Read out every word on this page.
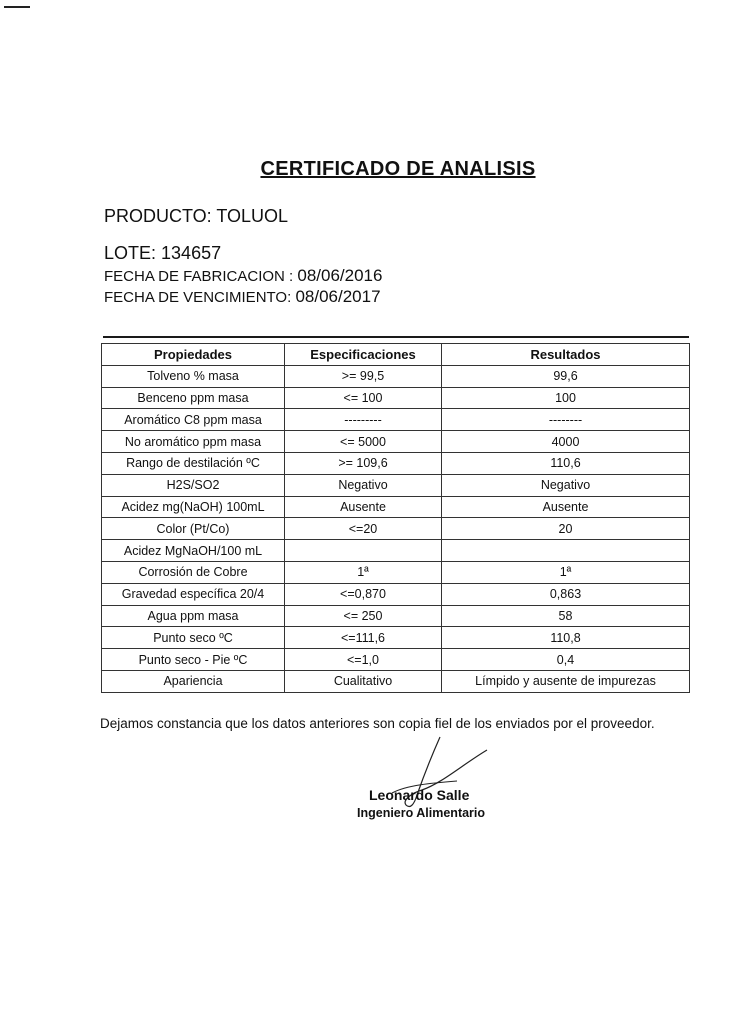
CERTIFICADO DE ANALISIS
PRODUCTO: TOLUOL
LOTE: 134657
FECHA DE FABRICACION : 08/06/2016
FECHA DE VENCIMIENTO: 08/06/2017
Propiedades	Especificaciones	Resultados
Tolveno % masa	>= 99,5	99,6
Benceno ppm masa	<= 100	100
Aromático C8 ppm masa	---------	--------
No aromático ppm masa	<= 5000	4000
Rango de destilación ºC	>= 109,6	110,6
H2S/SO2	Negativo	Negativo
Acidez mg(NaOH) 100mL	Ausente	Ausente
Color (Pt/Co)	<=20	20
Acidez MgNaOH/100 mL		
Corrosión de Cobre	1ª	1ª
Gravedad específica 20/4	<=0,870	0,863
Agua ppm masa	<= 250	58
Punto seco ºC	<=111,6	110,8
Punto seco - Pie ºC	<=1,0	0,4
Apariencia	Cualitativo	Límpido y ausente de impurezas
Dejamos constancia que los datos anteriores son copia fiel de los enviados por el proveedor.
Leonardo Salle
Ingeniero Alimentario
